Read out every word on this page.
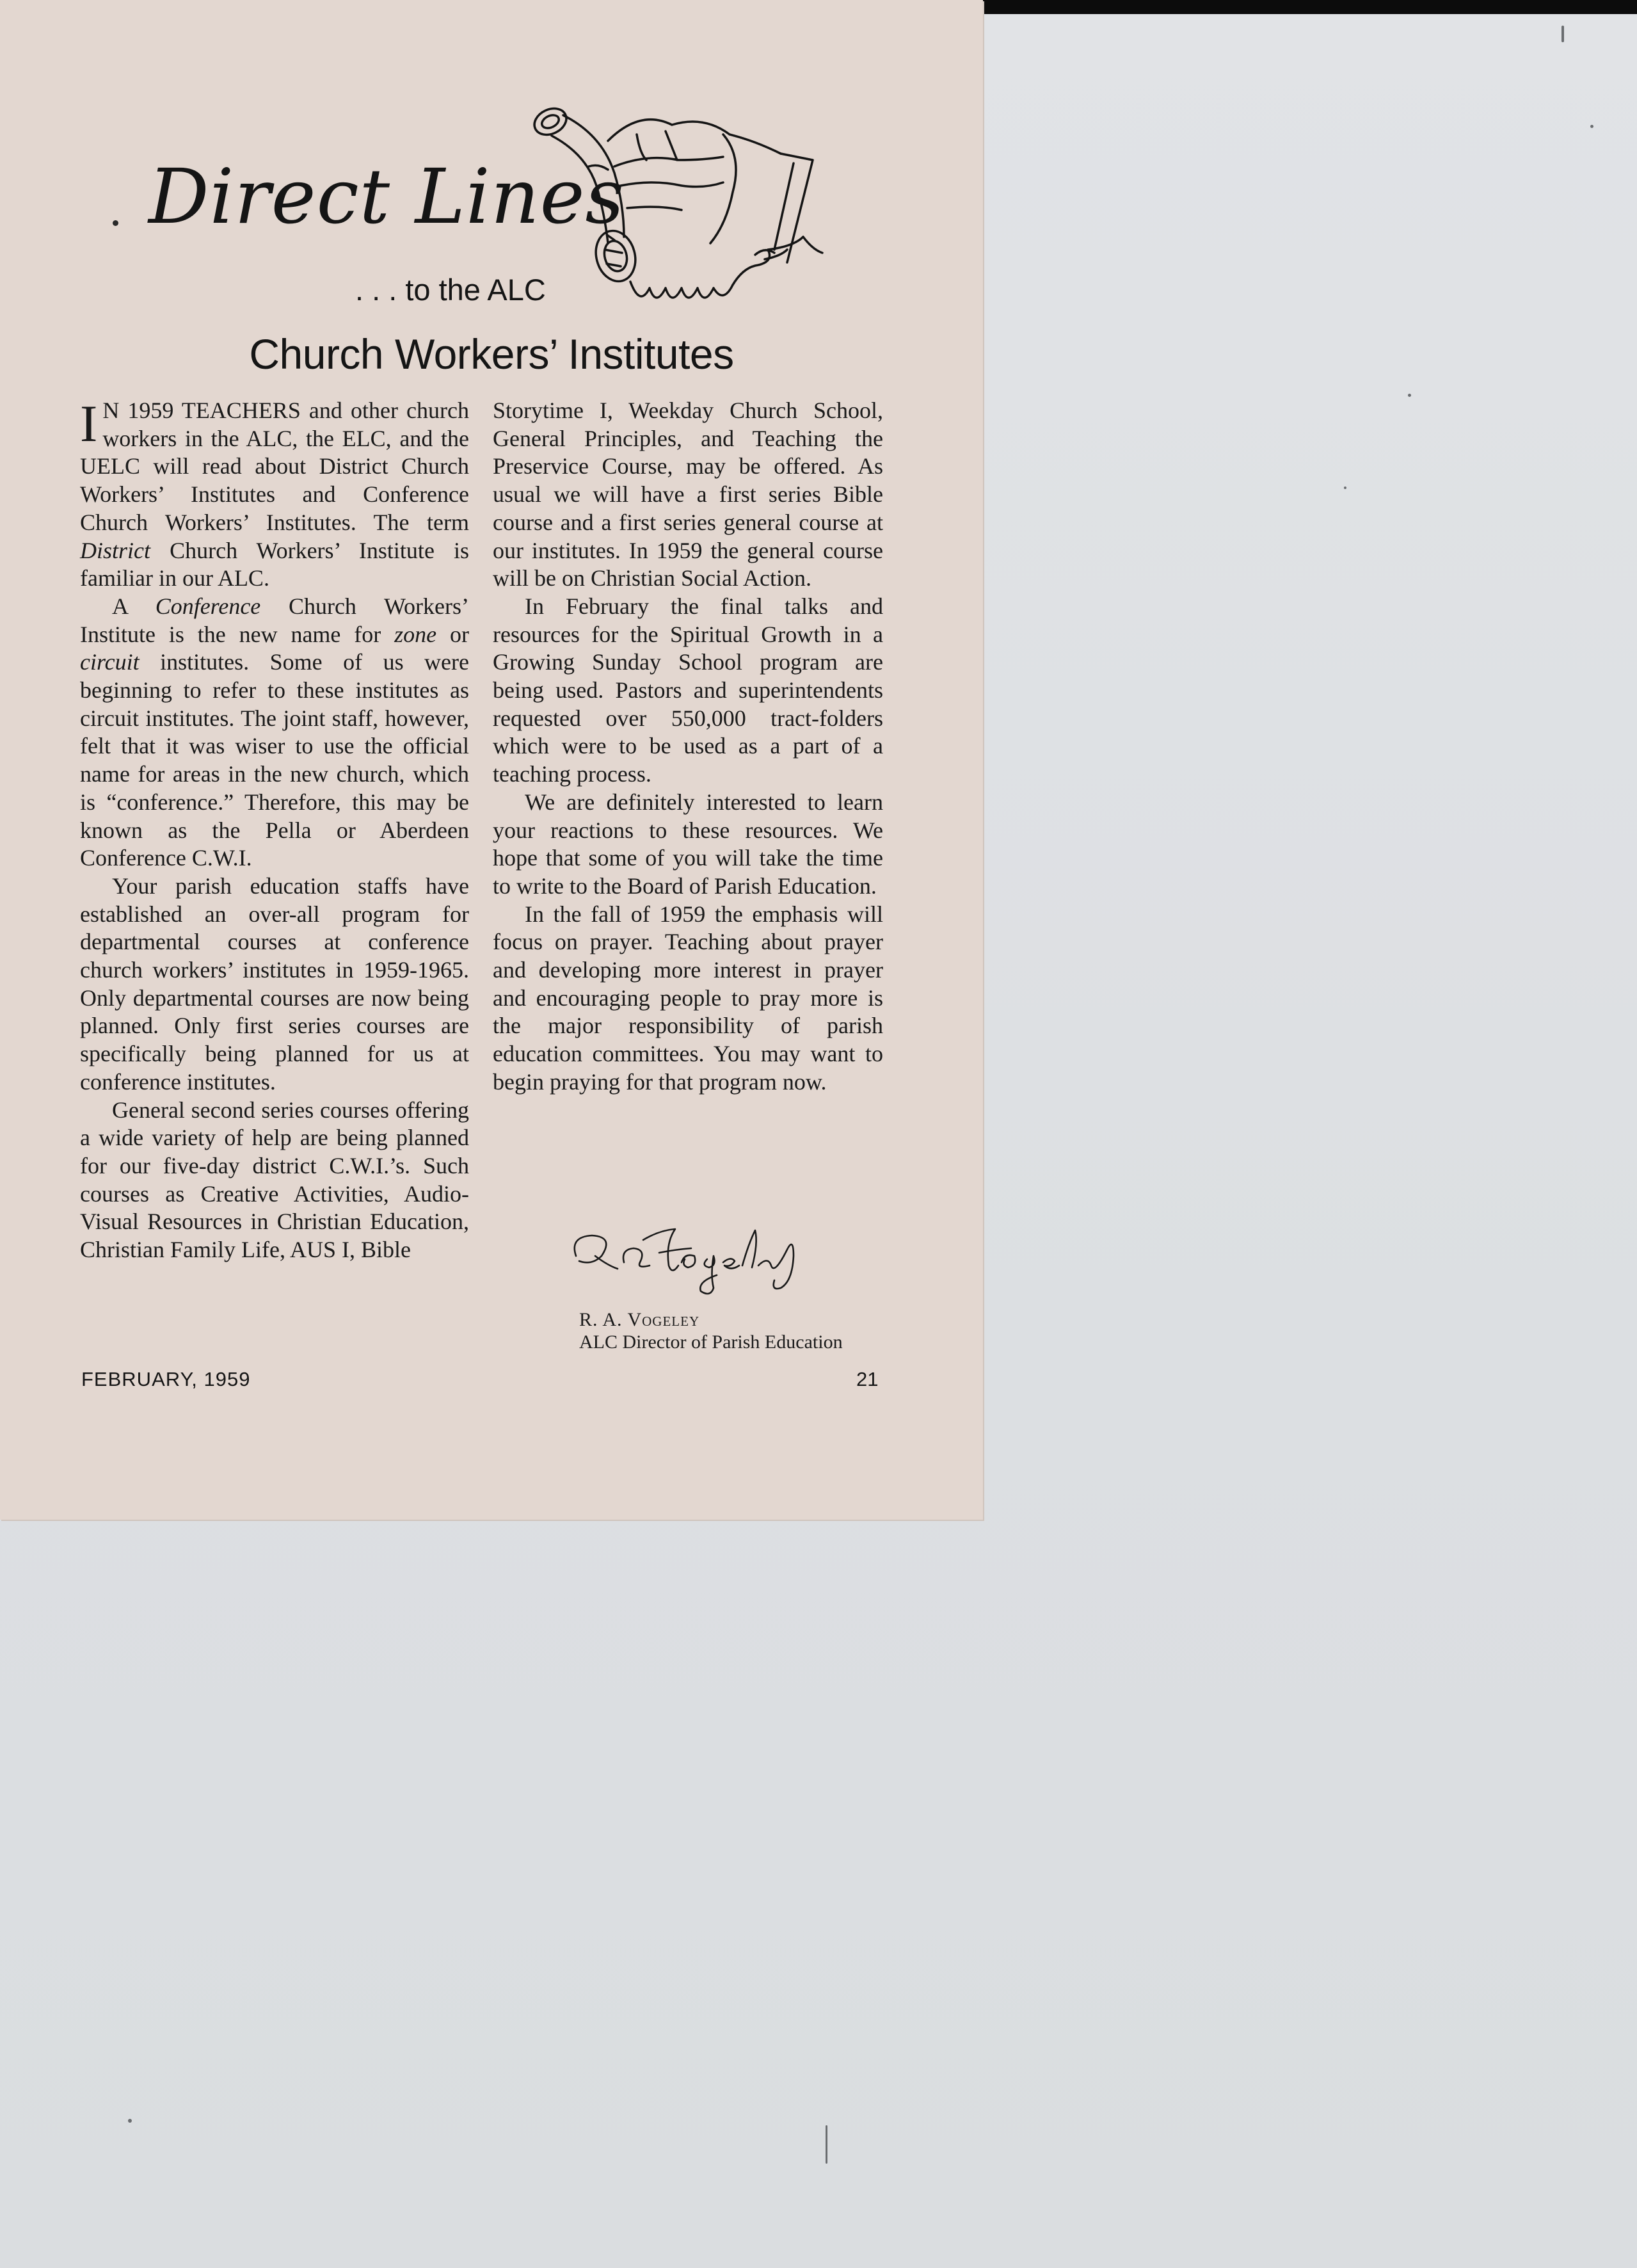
Direct Lines
. . . to the ALC
Church Workers’ Institutes

I N 1959 TEACHERS and other church workers in the ALC, the ELC, and the UELC will read about District Church Workers’ Institutes and Conference Church Workers’ Institutes. The term District Church Workers’ Institute is familiar in our ALC.

A Conference Church Workers’ Institute is the new name for zone or circuit institutes. Some of us were beginning to refer to these institutes as circuit institutes. The joint staff, however, felt that it was wiser to use the official name for areas in the new church, which is “conference.” Therefore, this may be known as the Pella or Aberdeen Conference C.W.I.

Your parish education staffs have established an over-all program for departmental courses at conference church workers’ institutes in 1959-1965. Only departmental courses are now being planned. Only first series courses are specifically being planned for us at conference institutes.

General second series courses offering a wide variety of help are being planned for our five-day district C.W.I.’s. Such courses as Creative Activities, Audio-Visual Resources in Christian Education, Christian Family Life, AUS I, Bible

Storytime I, Weekday Church School, General Principles, and Teaching the Preservice Course, may be offered. As usual we will have a first series Bible course and a first series general course at our institutes. In 1959 the general course will be on Christian Social Action.

In February the final talks and resources for the Spiritual Growth in a Growing Sunday School program are being used. Pastors and superintendents requested over 550,000 tract-folders which were to be used as a part of a teaching process.

We are definitely interested to learn your reactions to these resources. We hope that some of you will take the time to write to the Board of Parish Education.

In the fall of 1959 the emphasis will focus on prayer. Teaching about prayer and developing more interest in prayer and encouraging people to pray more is the major responsibility of parish education committees. You may want to begin praying for that program now.

R. A. Vogeley
ALC Director of Parish Education
FEBRUARY, 1959	21
